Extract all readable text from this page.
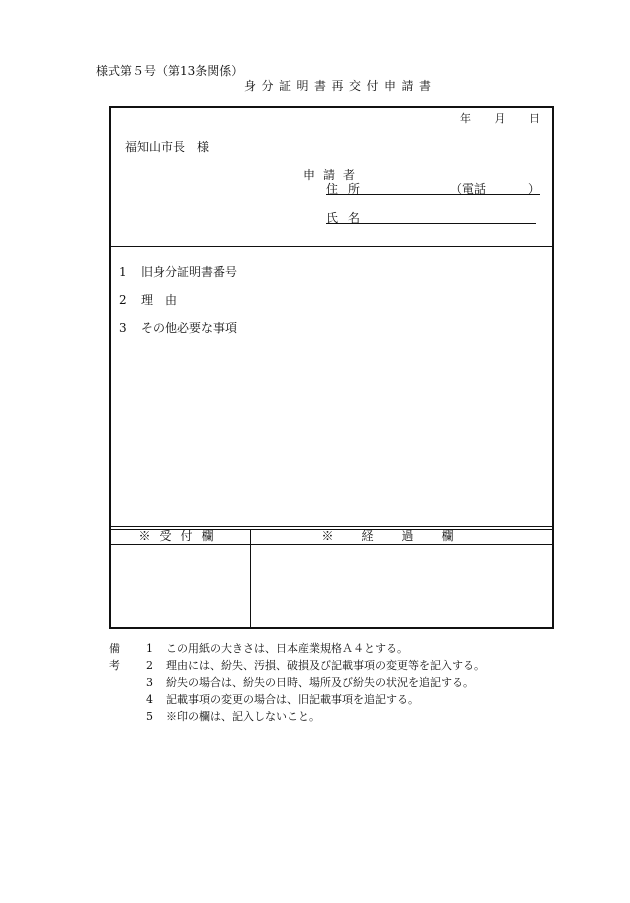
様式第５号（第13条関係）
身分証明書再交付申請書
年 月 日
福知山市長 様
申請者
住所	（電話	）
氏名
1 旧身分証明書番号
2 理　由
3 その他必要な事項
※受付欄	※経過欄
備考
1 この用紙の大きさは、日本産業規格Ａ４とする。
2 理由には、紛失、汚損、破損及び記載事項の変更等を記入する。
3 紛失の場合は、紛失の日時、場所及び紛失の状況を追記する。
4 記載事項の変更の場合は、旧記載事項を追記する。
5 ※印の欄は、記入しないこと。
